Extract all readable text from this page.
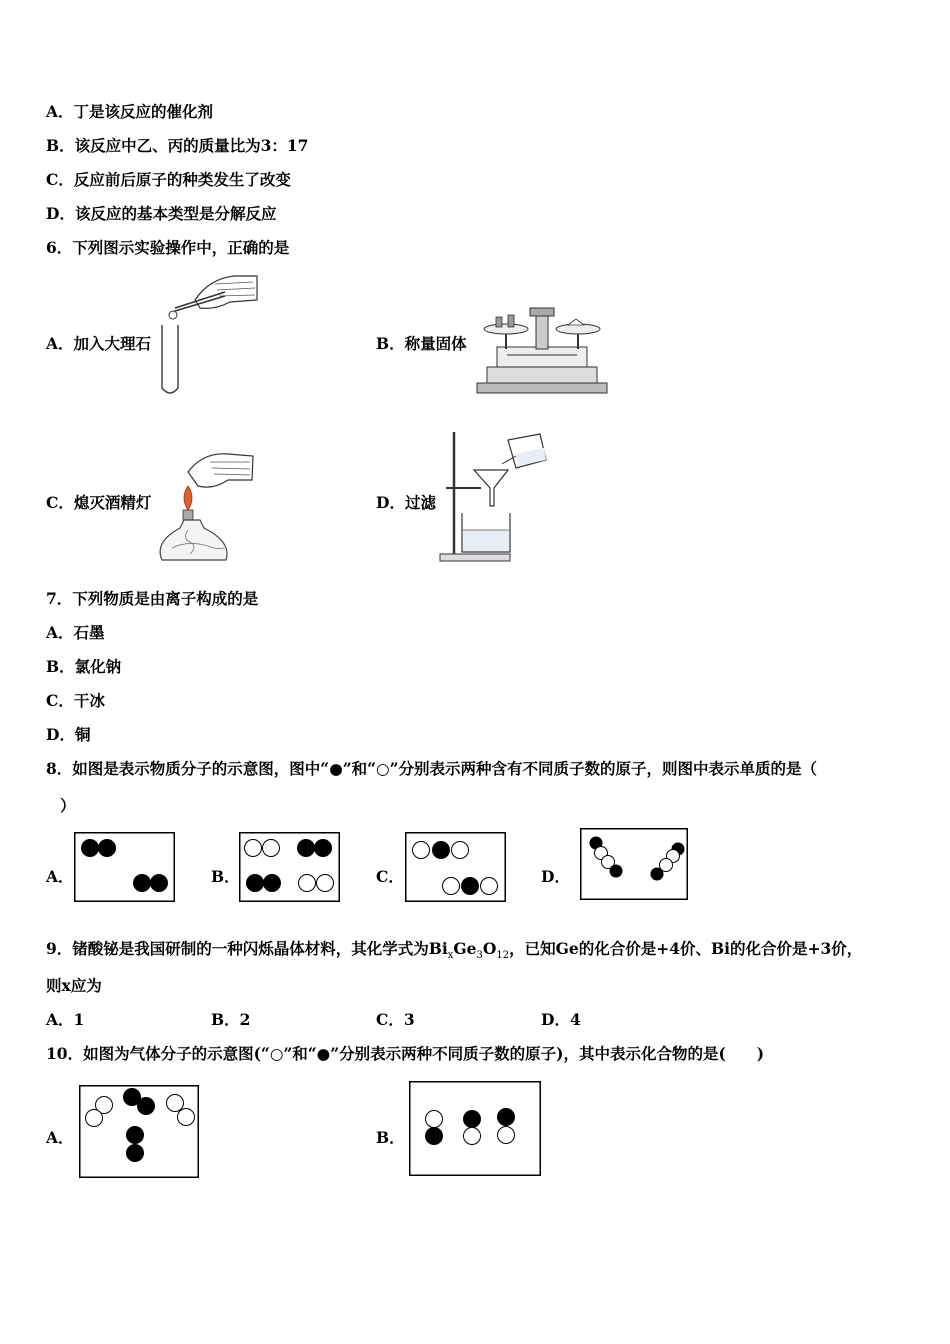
A．丁是该反应的催化剂
B．该反应中乙、丙的质量比为3：17
C．反应前后原子的种类发生了改变
D．该反应的基本类型是分解反应
6．下列图示实验操作中，正确的是
A．加入大理石	B．称量固体
C．熄灭酒精灯	D．过滤
7．下列物质是由离子构成的是
A．石墨
B．氯化钠
C．干冰
D．铜
8．如图是表示物质分子的示意图，图中“●”和“○”分别表示两种含有不同质子数的原子，则图中表示单质的是（
）
A．	B．	C．	D．
9．锗酸铋是我国研制的一种闪烁晶体材料，其化学式为$Bi_xGe_3O_{12}$，已知Ge的化合价是+4价、Bi的化合价是+3价，
则x应为
A．1	B．2	C．3	D．4
10．如图为气体分子的示意图(“○”和“●”分别表示两种不同质子数的原子)，其中表示化合物的是(　　)
A．	B．
